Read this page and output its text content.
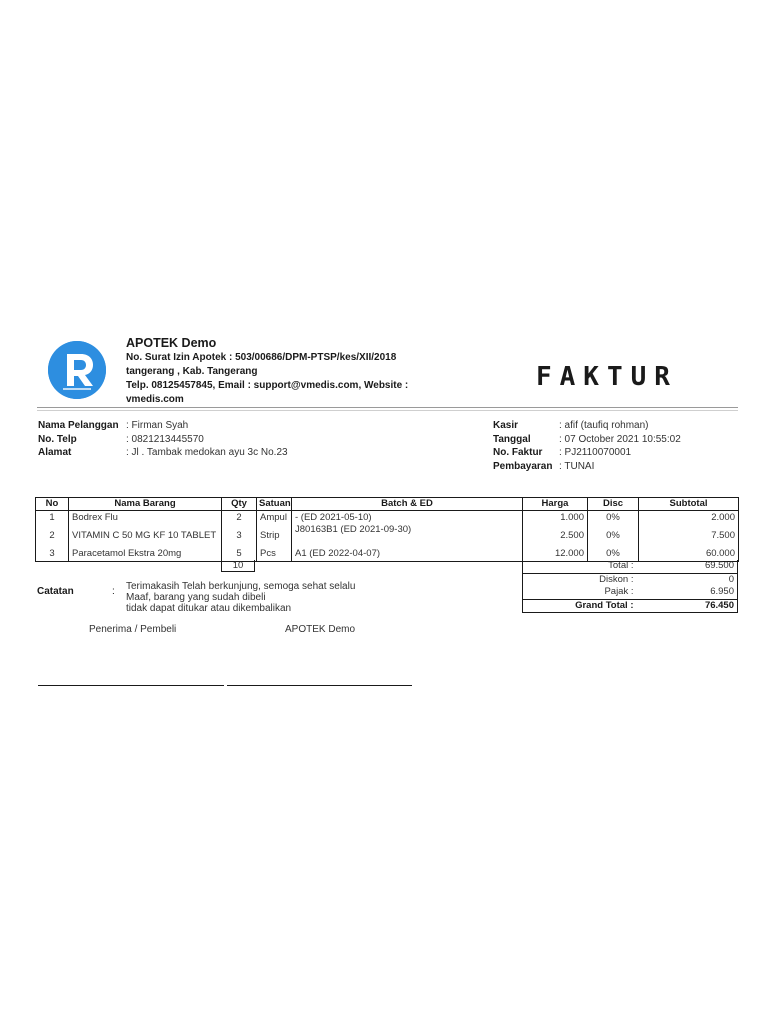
APOTEK Demo
No. Surat Izin Apotek : 503/00686/DPM-PTSP/kes/XII/2018
tangerang , Kab. Tangerang
Telp. 08125457845, Email : support@vmedis.com, Website :
vmedis.com
FAKTUR
Nama Pelanggan : Firman Syah
No. Telp	: 0821213445570
Alamat	: Jl . Tambak medokan ayu 3c No.23
Kasir	: afif (taufiq rohman)
Tanggal	: 07 October 2021 10:55:02
No. Faktur	: PJ2110070001
Pembayaran : TUNAI
No	Nama Barang	Qty	Satuan	Batch & ED	Harga	Disc	Subtotal
1	Bodrex Flu	2	Ampul	- (ED 2021-05-10)	1.000	0%	2.000
2	VITAMIN C 50 MG KF 10 TABLET	3	Strip	J80163B1 (ED 2021-09-30)	2.500	0%	7.500
3	Paracetamol Ekstra 20mg	5	Pcs	A1 (ED 2022-04-07)	12.000	0%	60.000
10	Total :	69.500
Diskon :	0
Pajak :	6.950
Grand Total :	76.450
Catatan	: Terimakasih Telah berkunjung, semoga sehat selalu
Maaf, barang yang sudah dibeli
tidak dapat ditukar atau dikembalikan
Penerima / Pembeli	APOTEK Demo
